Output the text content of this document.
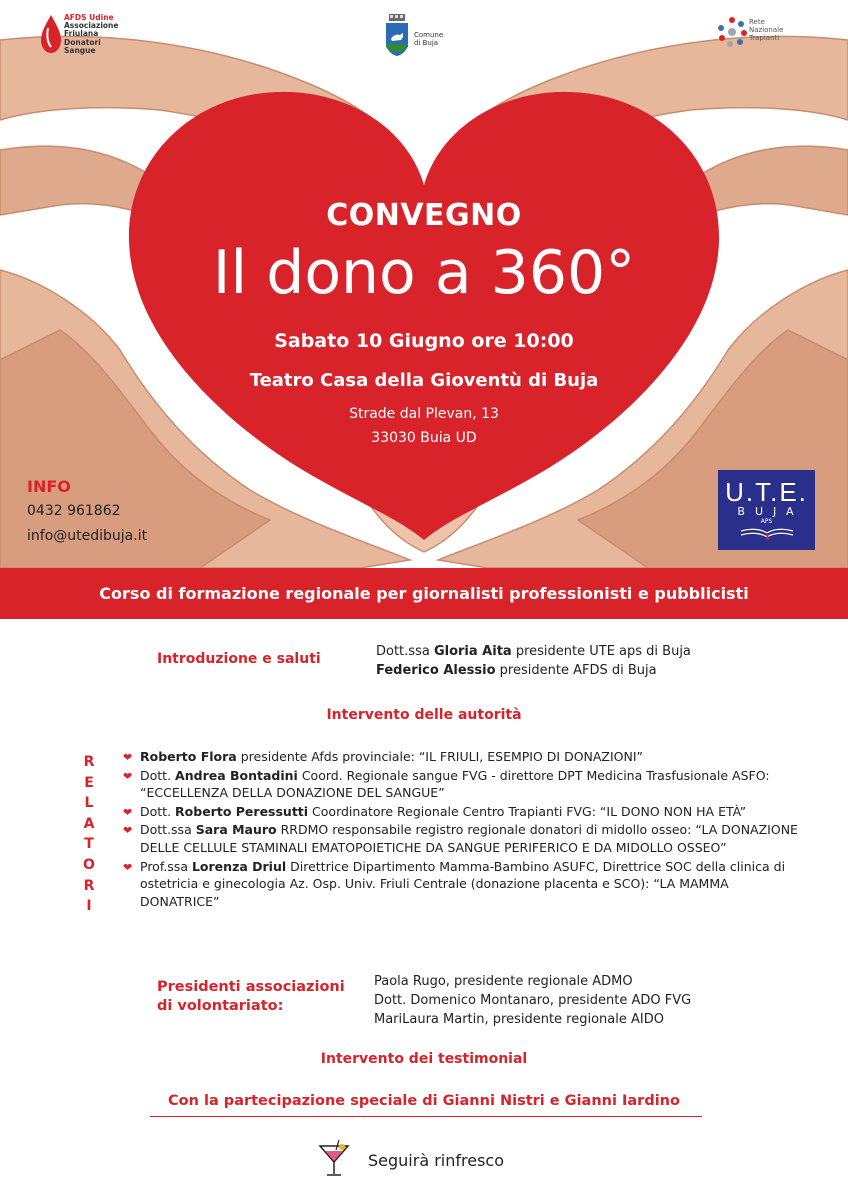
AFDS Udine
Associazione
Friulana
Donatori
Sangue
Comune
di Buja
Rete
Nazionale
Trapianti
CONVEGNO
Il dono a 360°
Sabato 10 Giugno ore 10:00
Teatro Casa della Gioventù di Buja
Strade dal Plevan, 13
33030 Buia UD
INFO
0432 961862
info@utedibuja.it
U.T.E.
BUJA
APS
Corso di formazione regionale per giornalisti professionisti e pubblicisti
Introduzione e saluti	Dott.ssa Gloria Aita presidente UTE aps di Buja
Federico Alessio presidente AFDS di Buja
Intervento delle autorità
R
E
L
A
T
O
R
I
❤ Roberto Flora presidente Afds provinciale: “IL FRIULI, ESEMPIO DI DONAZIONI”
❤ Dott. Andrea Bontadini Coord. Regionale sangue FVG - direttore DPT Medicina Trasfusionale ASFO: “ECCELLENZA DELLA DONAZIONE DEL SANGUE”
❤ Dott. Roberto Peressutti Coordinatore Regionale Centro Trapianti FVG: “IL DONO NON HA ETÀ”
❤ Dott.ssa Sara Mauro RRDMO responsabile registro regionale donatori di midollo osseo: “LA DONAZIONE DELLE CELLULE STAMINALI EMATOPOIETICHE DA SANGUE PERIFERICO E DA MIDOLLO OSSEO”
❤ Prof.ssa Lorenza Driul Direttrice Dipartimento Mamma-Bambino ASUFC, Direttrice SOC della clinica di ostetricia e ginecologia Az. Osp. Univ. Friuli Centrale (donazione placenta e SCO): “LA MAMMA DONATRICE”
Presidenti associazioni
di volontariato:
Paola Rugo, presidente regionale ADMO
Dott. Domenico Montanaro, presidente ADO FVG
MariLaura Martin, presidente regionale AIDO
Intervento dei testimonial
Con la partecipazione speciale di Gianni Nistri e Gianni Iardino
Seguirà rinfresco
